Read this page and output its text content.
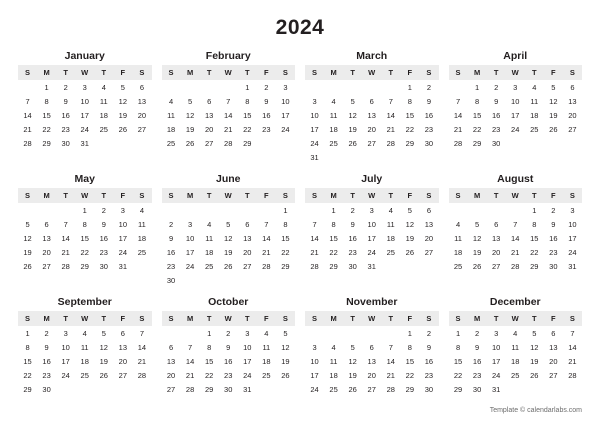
2024
January
S	M	T	W	T	F	S
	1	2	3	4	5	6
7	8	9	10	11	12	13
14	15	16	17	18	19	20
21	22	23	24	25	26	27
28	29	30	31			
February
S	M	T	W	T	F	S
				1	2	3
4	5	6	7	8	9	10
11	12	13	14	15	16	17
18	19	20	21	22	23	24
25	26	27	28	29		
March
S	M	T	W	T	F	S
					1	2
3	4	5	6	7	8	9
10	11	12	13	14	15	16
17	18	19	20	21	22	23
24	25	26	27	28	29	30
31						
April
S	M	T	W	T	F	S
	1	2	3	4	5	6
7	8	9	10	11	12	13
14	15	16	17	18	19	20
21	22	23	24	25	26	27
28	29	30				
May
S	M	T	W	T	F	S
			1	2	3	4
5	6	7	8	9	10	11
12	13	14	15	16	17	18
19	20	21	22	23	24	25
26	27	28	29	30	31	
June
S	M	T	W	T	F	S
						1
2	3	4	5	6	7	8
9	10	11	12	13	14	15
16	17	18	19	20	21	22
23	24	25	26	27	28	29
30						
July
S	M	T	W	T	F	S
	1	2	3	4	5	6
7	8	9	10	11	12	13
14	15	16	17	18	19	20
21	22	23	24	25	26	27
28	29	30	31			
August
S	M	T	W	T	F	S
				1	2	3
4	5	6	7	8	9	10
11	12	13	14	15	16	17
18	19	20	21	22	23	24
25	26	27	28	29	30	31
September
S	M	T	W	T	F	S
1	2	3	4	5	6	7
8	9	10	11	12	13	14
15	16	17	18	19	20	21
22	23	24	25	26	27	28
29	30					
October
S	M	T	W	T	F	S
		1	2	3	4	5
6	7	8	9	10	11	12
13	14	15	16	17	18	19
20	21	22	23	24	25	26
27	28	29	30	31		
November
S	M	T	W	T	F	S
					1	2
3	4	5	6	7	8	9
10	11	12	13	14	15	16
17	18	19	20	21	22	23
24	25	26	27	28	29	30
December
S	M	T	W	T	F	S
1	2	3	4	5	6	7
8	9	10	11	12	13	14
15	16	17	18	19	20	21
22	23	24	25	26	27	28
29	30	31				
Template © calendarlabs.com
